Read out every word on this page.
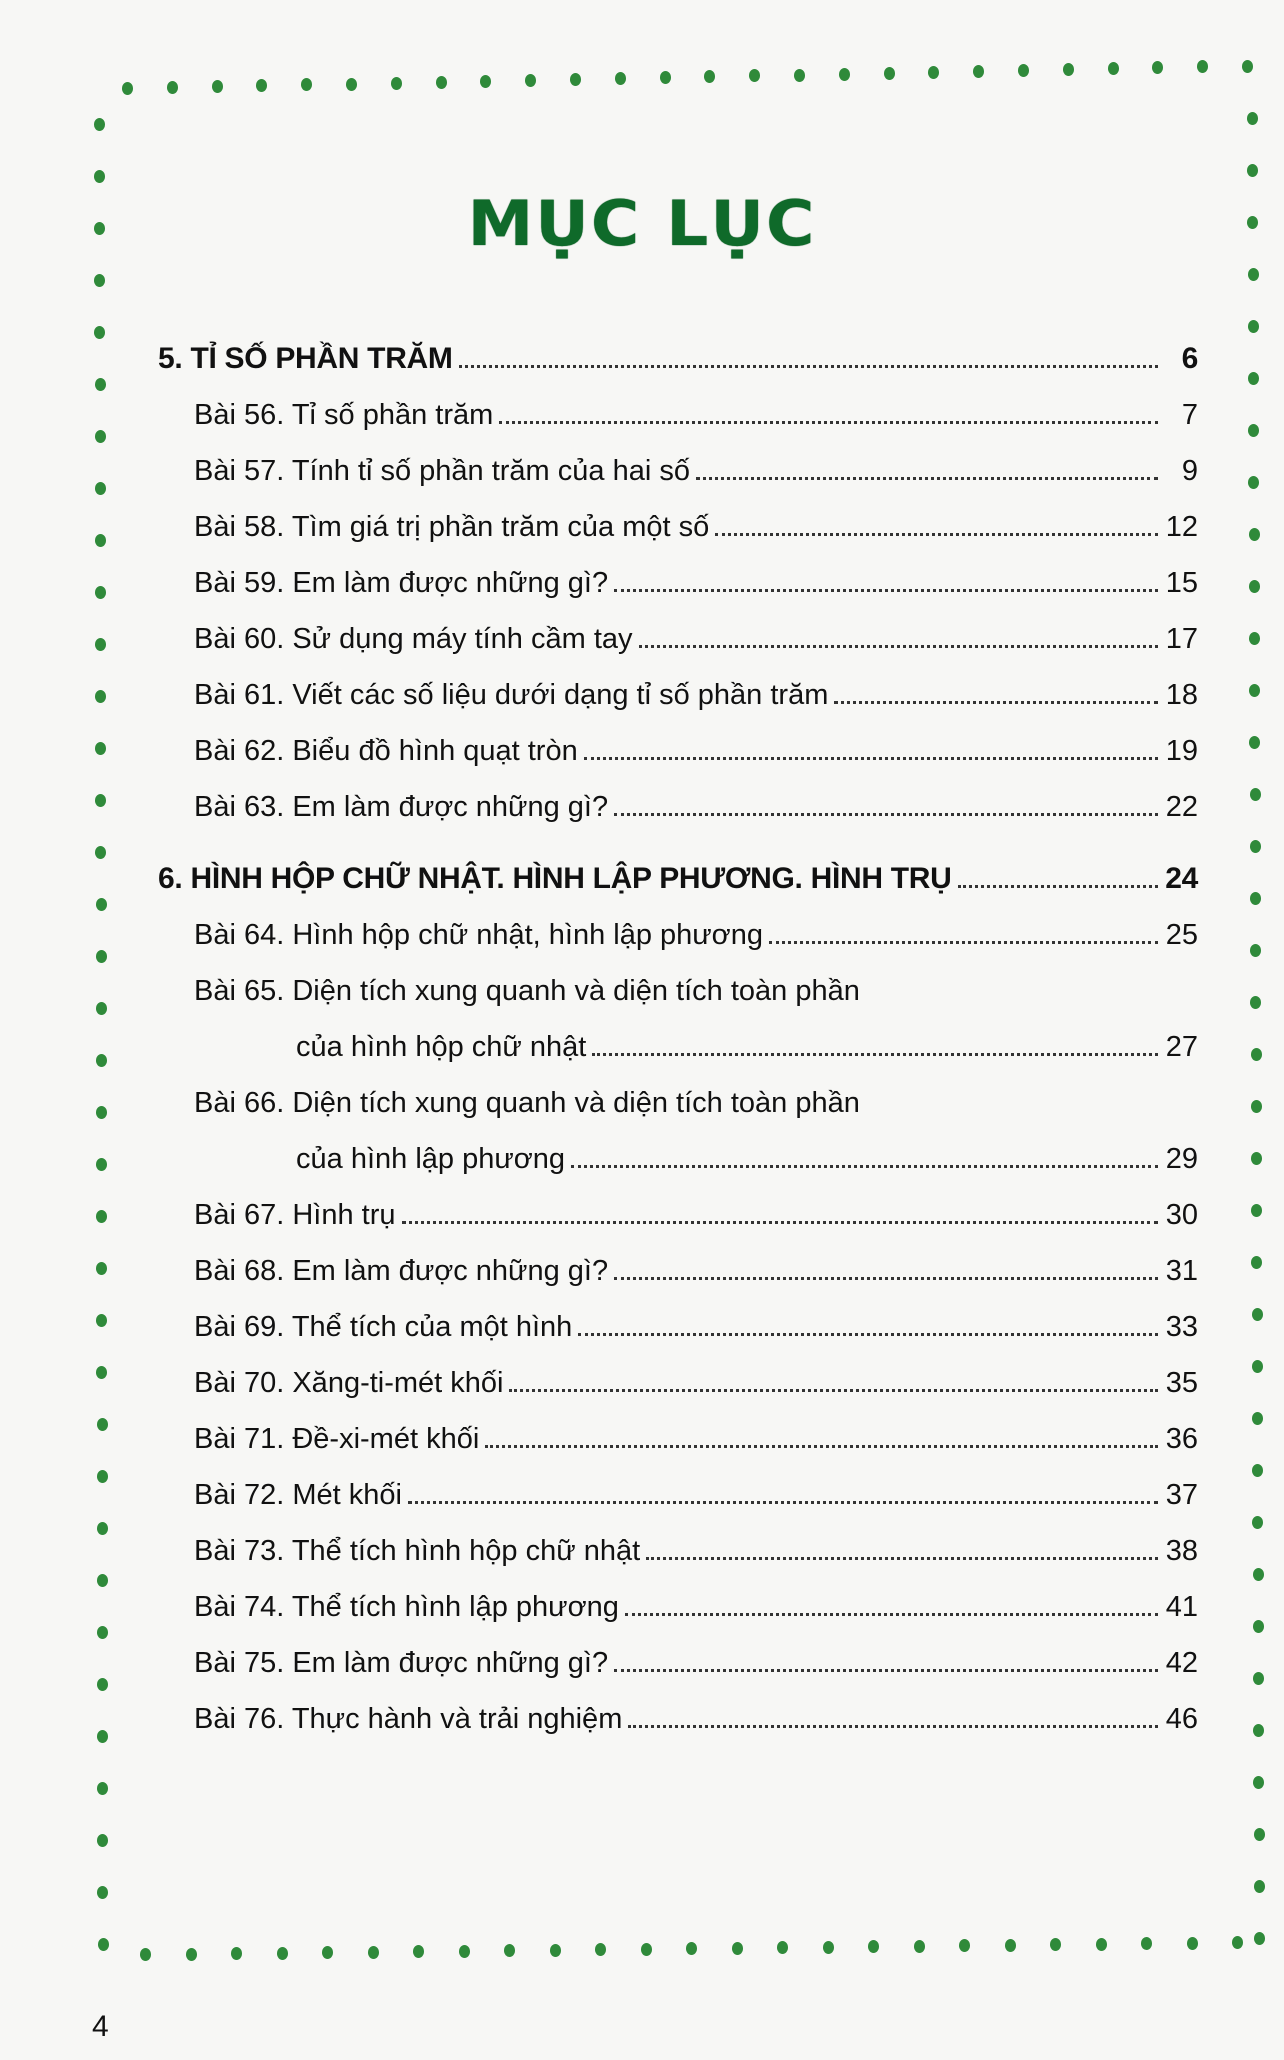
MỤC LỤC
5. TỈ SỐ PHẦN TRĂM	6
Bài 56. Tỉ số phần trăm	7
Bài 57. Tính tỉ số phần trăm của hai số	9
Bài 58. Tìm giá trị phần trăm của một số	12
Bài 59. Em làm được những gì?	15
Bài 60. Sử dụng máy tính cầm tay	17
Bài 61. Viết các số liệu dưới dạng tỉ số phần trăm	18
Bài 62. Biểu đồ hình quạt tròn	19
Bài 63. Em làm được những gì?	22
6. HÌNH HỘP CHỮ NHẬT. HÌNH LẬP PHƯƠNG. HÌNH TRỤ	24
Bài 64. Hình hộp chữ nhật, hình lập phương	25
Bài 65. Diện tích xung quanh và diện tích toàn phần
của hình hộp chữ nhật	27
Bài 66. Diện tích xung quanh và diện tích toàn phần
của hình lập phương	29
Bài 67. Hình trụ	30
Bài 68. Em làm được những gì?	31
Bài 69. Thể tích của một hình	33
Bài 70. Xăng-ti-mét khối	35
Bài 71. Đề-xi-mét khối	36
Bài 72. Mét khối	37
Bài 73. Thể tích hình hộp chữ nhật	38
Bài 74. Thể tích hình lập phương	41
Bài 75. Em làm được những gì?	42
Bài 76. Thực hành và trải nghiệm	46
4
